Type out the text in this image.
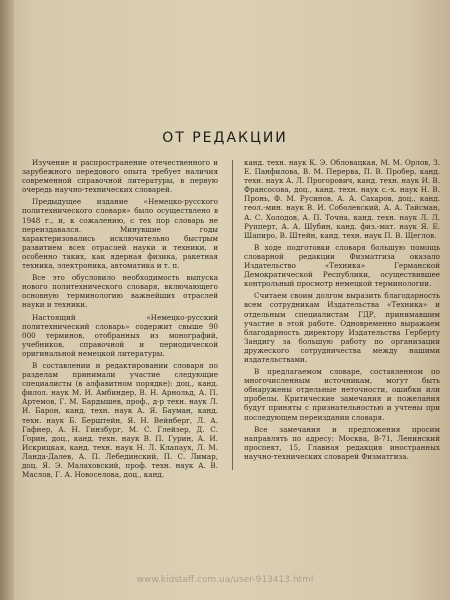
ОТ РЕДАКЦИИ

Изучение и распространение отечественного и зарубежного передового опыта требует наличия современной справочной литературы, в первую очередь научно-технических словарей.

Предыдущее издание «Немецко-русского политехнического словаря» было осуществлено в 1948 г., и, к сожалению, с тех пор словарь не переиздавался. Минувшие годы характеризовались исключительно быстрым развитием всех отраслей науки и техники, и особенно таких, как ядерная физика, ракетная техника, электроника, автоматика и т. п.

Все это обусловило необходимость выпуска нового политехнического словаря, включающего основную терминологию важнейших отраслей науки и техники.

Настоящий «Немецко-русский политехнический словарь» содержит свыше 90 000 терминов, отобранных из монографий, учебников, справочной и периодической оригинальной немецкой литературы.

В составлении и редактировании словаря по разделам принимали участие следующие специалисты (в алфавитном порядке): доц., канд. филол. наук М. И. Амбиндер, В. Н. Арнольд, А. П. Артемов, Г. М. Бардышев, проф., д-р техн. наук Л. И. Барон, канд. техн. наук А. Я. Бауман, канд. техн. наук Б. Берштейн, Я. Н. Вейнберг, Л. А. Гафнер, А. Н. Гинзбург, М. С. Глейзер, Д. С. Горин, доц., канд. техн. наук В. П. Гурин, А. И. Искрицкая, канд. техн. наук Н. Л. Клапаух, Л. М. Ланда-Далев, А. П. Лебединский, П. С. Лимар, доц. Я. Э. Малаховский, проф. техн. наук А. В. Маслов, Г. А. Новоселова, доц., канд.

канд. техн. наук К. Э. Обловацкая, М. М. Орлов, З. Е. Панфилова, В. М. Перерва, П. В. Пробер, канд. техн. наук А. Л. Прогорович, канд. техн. наук И. В. Франсосова, доц., канд. техн. наук с.-х. наук Н. В. Пронь, Ф. М. Русинов, А. А. Сахаров, доц., канд. геол.-мин. наук В. И. Соболевский, А. А. Тайсман, А. С. Холодов, А. П. Точна, канд. техн. наук Л. Л. Рупперт, А. А. Шубин, канд. физ.-мат. наук Я. Е. Шапиро, В. Штейн, канд. техн. наук П. В. Щеглов.

В ходе подготовки словаря большую помощь словарной редакции Физматгиза оказало Издательство «Техника» Германской Демократической Республики, осуществившее контрольный просмотр немецкой терминологии.

Считаем своим долгом выразить благодарность всем сотрудникам Издательства «Техника» и отдельным специалистам ГДР, принимавшим участие в этой работе. Одновременно выражаем благодарность директору Издательства Герберту Зандигу за большую работу по организации дружеского сотрудничества между нашими издательствами.

В предлагаемом словаре, составленном по многочисленным источникам, могут быть обнаружены отдельные неточности, ошибки или пробелы. Критические замечания и пожелания будут приняты с признательностью и учтены при последующем переиздании словаря.

Все замечания и предложения просим направлять по адресу: Москва, В-71, Ленинский проспект, 15, Главная редакция иностранных научно-технических словарей Физматгиза.

www.kidstaff.com.ua/user-913413.html
